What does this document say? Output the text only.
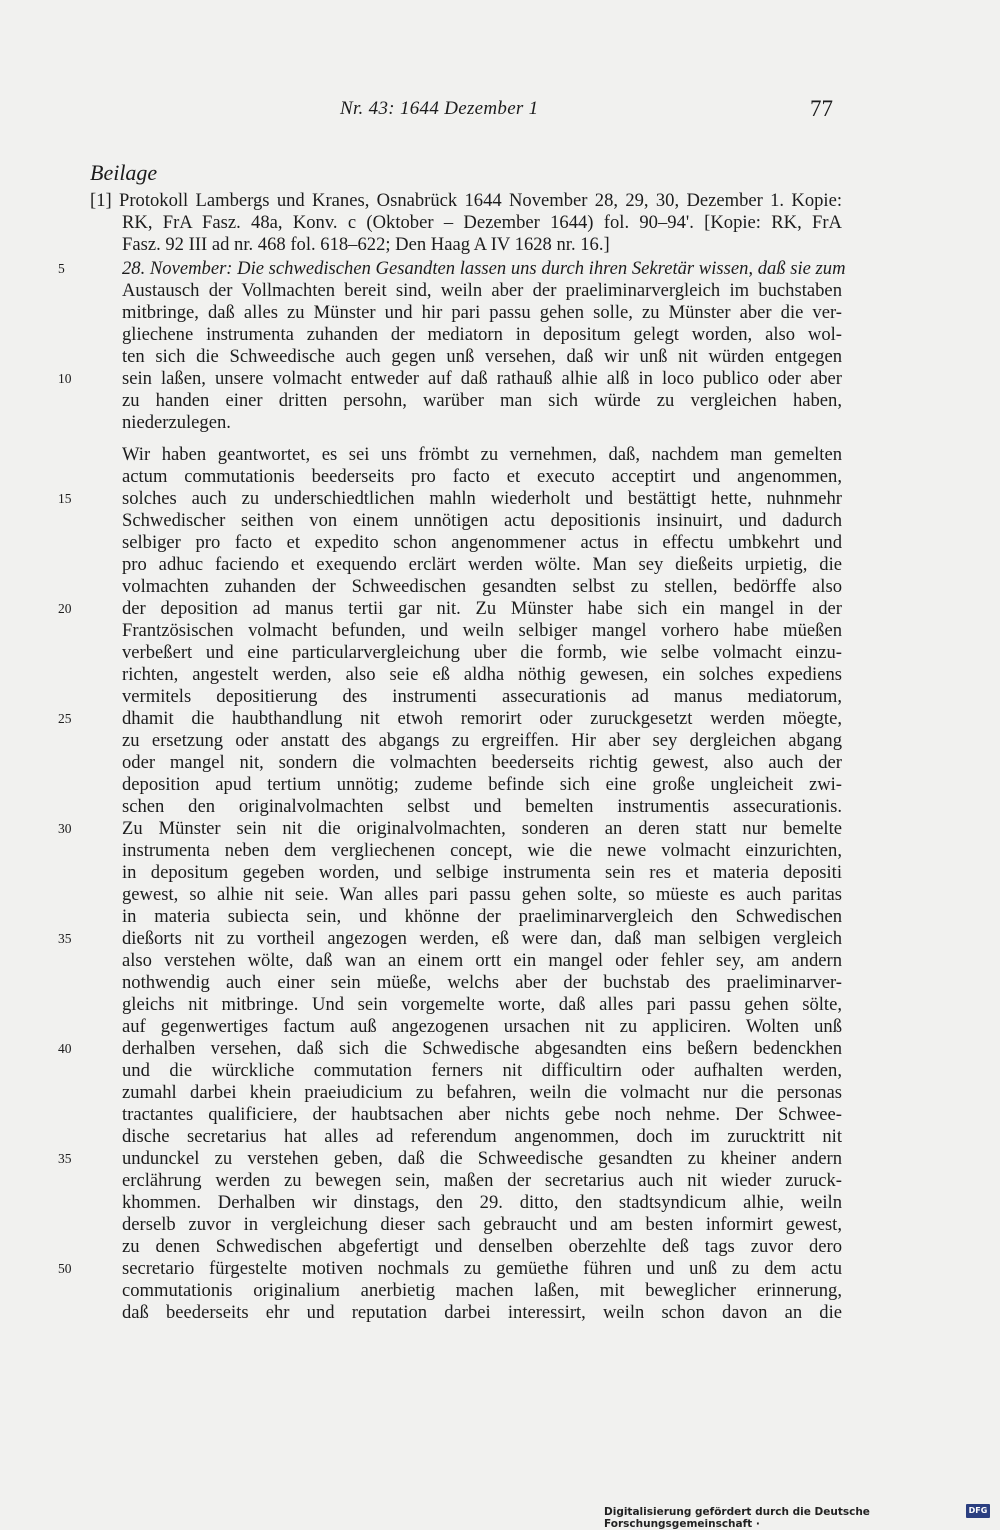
Nr. 43: 1644 Dezember 1	77
Beilage
[1] Protokoll Lambergs und Kranes, Osnabrück 1644 November 28, 29, 30, Dezember 1. Kopie:
RK, FrA Fasz. 48a, Konv. c (Oktober – Dezember 1644) fol. 90–94'. [Kopie: RK, FrA
Fasz. 92 III ad nr. 468 fol. 618–622; Den Haag A IV 1628 nr. 16.]
5	28. November: Die schwedischen Gesandten lassen uns durch ihren Sekretär wissen, daß sie zum
Austausch der Vollmachten bereit sind, weiln aber der praeliminarvergleich im buchstaben
mitbringe, daß alles zu Münster und hir pari passu gehen solle, zu Münster aber die ver-
gliechene instrumenta zuhanden der mediatorn in depositum gelegt worden, also wol-
ten sich die Schweedische auch gegen unß versehen, daß wir unß nit würden entgegen
10	sein laßen, unsere volmacht entweder auf daß rathauß alhie alß in loco publico oder aber
zu handen einer dritten persohn, warüber man sich würde zu vergleichen haben,
niederzulegen.
Wir haben geantwortet, es sei uns frömbt zu vernehmen, daß, nachdem man gemelten
actum commutationis beederseits pro facto et executo acceptirt und angenommen,
15	solches auch zu underschiedtlichen mahln wiederholt und bestättigt hette, nuhnmehr
Schwedischer seithen von einem unnötigen actu depositionis insinuirt, und dadurch
selbiger pro facto et expedito schon angenommener actus in effectu umbkehrt und
pro adhuc faciendo et exequendo erclärt werden wölte. Man sey dießeits urpietig, die
volmachten zuhanden der Schweedischen gesandten selbst zu stellen, bedörffe also
20	der deposition ad manus tertii gar nit. Zu Münster habe sich ein mangel in der
Frantzösischen volmacht befunden, und weiln selbiger mangel vorhero habe müeßen
verbeßert und eine particularvergleichung uber die formb, wie selbe volmacht einzu-
richten, angestelt werden, also seie eß aldha nöthig gewesen, ein solches expediens
vermitels depositierung des instrumenti assecurationis ad manus mediatorum,
25	dhamit die haubthandlung nit etwoh remorirt oder zuruckgesetzt werden möegte,
zu ersetzung oder anstatt des abgangs zu ergreiffen. Hir aber sey dergleichen abgang
oder mangel nit, sondern die volmachten beederseits richtig gewest, also auch der
deposition apud tertium unnötig; zudeme befinde sich eine große ungleicheit zwi-
schen den originalvolmachten selbst und bemelten instrumentis assecurationis.
30	Zu Münster sein nit die originalvolmachten, sonderen an deren statt nur bemelte
instrumenta neben dem vergliechenen concept, wie die newe volmacht einzurichten,
in depositum gegeben worden, und selbige instrumenta sein res et materia depositi
gewest, so alhie nit seie. Wan alles pari passu gehen solte, so müeste es auch paritas
in materia subiecta sein, und khönne der praeliminarvergleich den Schwedischen
35	dießorts nit zu vortheil angezogen werden, eß were dan, daß man selbigen vergleich
also verstehen wölte, daß wan an einem ortt ein mangel oder fehler sey, am andern
nothwendig auch einer sein müeße, welchs aber der buchstab des praeliminarver-
gleichs nit mitbringe. Und sein vorgemelte worte, daß alles pari passu gehen sölte,
auf gegenwertiges factum auß angezogenen ursachen nit zu appliciren. Wolten unß
40	derhalben versehen, daß sich die Schwedische abgesandten eins beßern bedenckhen
und die würckliche commutation ferners nit difficultirn oder aufhalten werden,
zumahl darbei khein praeiudicium zu befahren, weiln die volmacht nur die personas
tractantes qualificiere, der haubtsachen aber nichts gebe noch nehme. Der Schwee-
dische secretarius hat alles ad referendum angenommen, doch im zurucktritt nit
35	undunckel zu verstehen geben, daß die Schweedische gesandten zu kheiner andern
erclährung werden zu bewegen sein, maßen der secretarius auch nit wieder zuruck-
khommen. Derhalben wir dinstags, den 29. ditto, den stadtsyndicum alhie, weiln
derselb zuvor in vergleichung dieser sach gebraucht und am besten informirt gewest,
zu denen Schwedischen abgefertigt und denselben oberzehlte deß tags zuvor dero
50	secretario fürgestelte motiven nochmals zu gemüethe führen und unß zu dem actu
commutationis originalium anerbietig machen laßen, mit beweglicher erinnerung,
daß beederseits ehr und reputation darbei interessirt, weiln schon davon an die
Digitalisierung gefördert durch die Deutsche Forschungsgemeinschaft ·
DFG
